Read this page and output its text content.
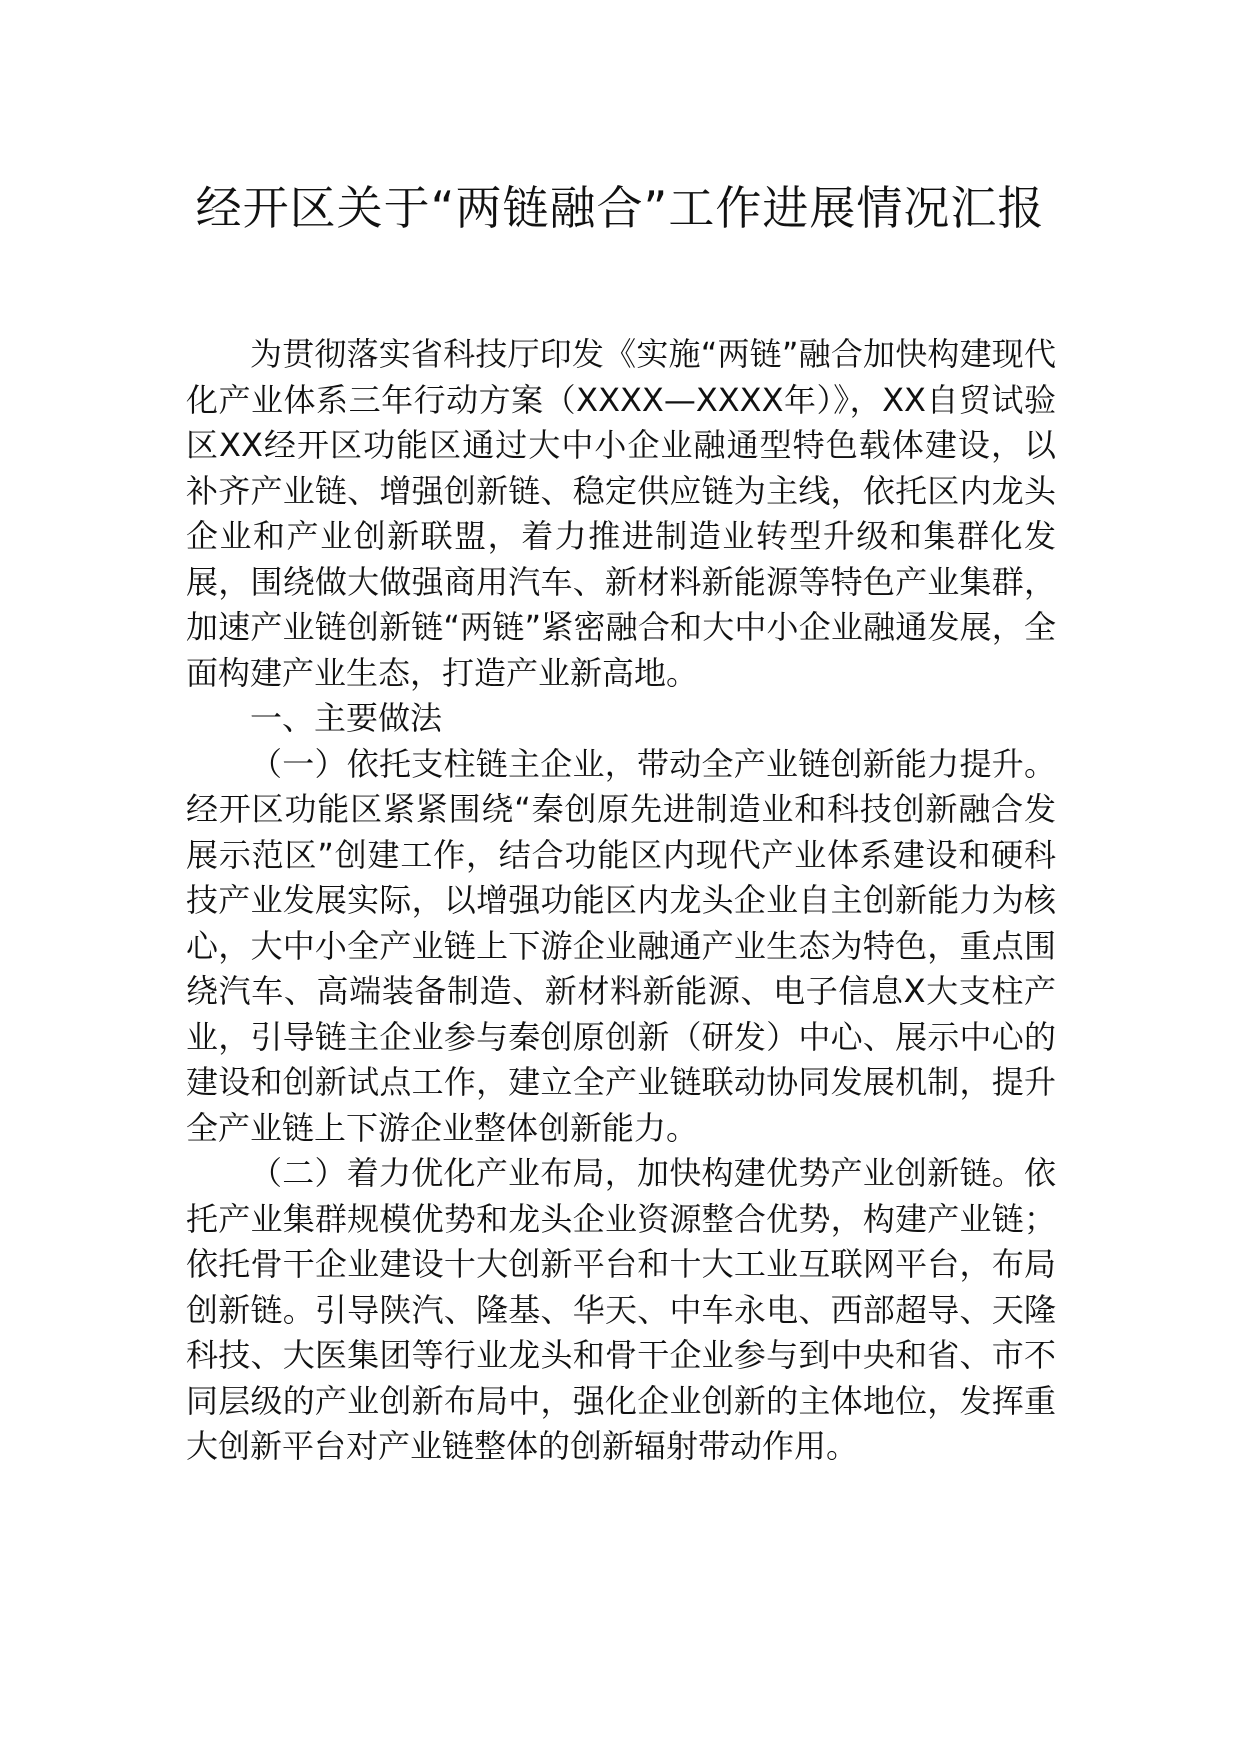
经开区关于“两链融合”工作进展情况汇报

为贯彻落实省科技厅印发《实施“两链”融合加快构建现代化产业体系三年行动方案（XXXX—XXXX年）》，XX自贸试验区XX经开区功能区通过大中小企业融通型特色载体建设，以补齐产业链、增强创新链、稳定供应链为主线，依托区内龙头企业和产业创新联盟，着力推进制造业转型升级和集群化发展，围绕做大做强商用汽车、新材料新能源等特色产业集群，加速产业链创新链“两链”紧密融合和大中小企业融通发展，全面构建产业生态，打造产业新高地。

一、主要做法

（一）依托支柱链主企业，带动全产业链创新能力提升。经开区功能区紧紧围绕“秦创原先进制造业和科技创新融合发展示范区”创建工作，结合功能区内现代产业体系建设和硬科技产业发展实际，以增强功能区内龙头企业自主创新能力为核心，大中小全产业链上下游企业融通产业生态为特色，重点围绕汽车、高端装备制造、新材料新能源、电子信息X大支柱产业，引导链主企业参与秦创原创新（研发）中心、展示中心的建设和创新试点工作，建立全产业链联动协同发展机制，提升全产业链上下游企业整体创新能力。

（二）着力优化产业布局，加快构建优势产业创新链。依托产业集群规模优势和龙头企业资源整合优势，构建产业链；依托骨干企业建设十大创新平台和十大工业互联网平台，布局创新链。引导陕汽、隆基、华天、中车永电、西部超导、天隆科技、大医集团等行业龙头和骨干企业参与到中央和省、市不同层级的产业创新布局中，强化企业创新的主体地位，发挥重大创新平台对产业链整体的创新辐射带动作用。
